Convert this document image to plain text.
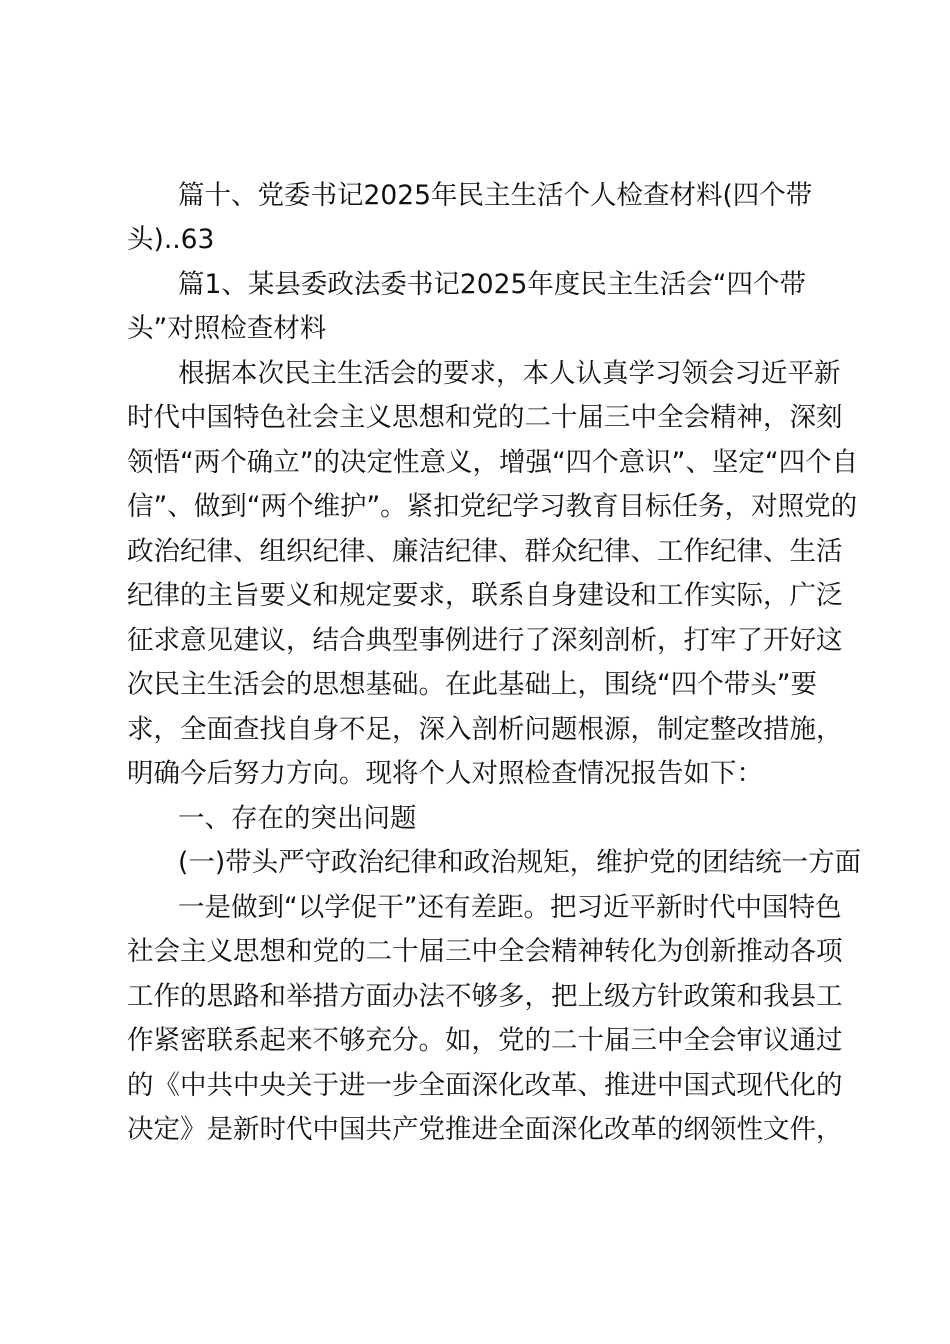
篇十、党委书记2025年民主生活个人检查材料(四个带
头)..63
篇1、某县委政法委书记2025年度民主生活会“四个带
头”对照检查材料
根据本次民主生活会的要求，本人认真学习领会习近平新
时代中国特色社会主义思想和党的二十届三中全会精神，深刻
领悟“两个确立”的决定性意义，增强“四个意识”、坚定“四个自
信”、做到“两个维护”。紧扣党纪学习教育目标任务，对照党的
政治纪律、组织纪律、廉洁纪律、群众纪律、工作纪律、生活
纪律的主旨要义和规定要求，联系自身建设和工作实际，广泛
征求意见建议，结合典型事例进行了深刻剖析，打牢了开好这
次民主生活会的思想基础。在此基础上，围绕“四个带头”要
求，全面查找自身不足，深入剖析问题根源，制定整改措施，
明确今后努力方向。现将个人对照检查情况报告如下：
一、存在的突出问题
(一)带头严守政治纪律和政治规矩，维护党的团结统一方面
一是做到“以学促干”还有差距。把习近平新时代中国特色
社会主义思想和党的二十届三中全会精神转化为创新推动各项
工作的思路和举措方面办法不够多，把上级方针政策和我县工
作紧密联系起来不够充分。如，党的二十届三中全会审议通过
的《中共中央关于进一步全面深化改革、推进中国式现代化的
决定》是新时代中国共产党推进全面深化改革的纲领性文件，
